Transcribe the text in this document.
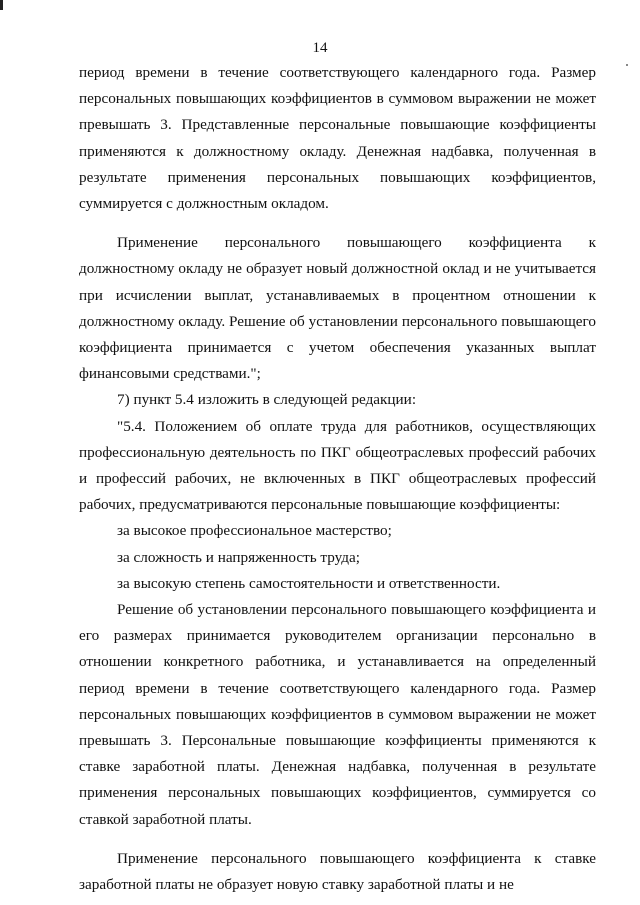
14

период времени в течение соответствующего календарного года. Размер персональных повышающих коэффициентов в суммовом выражении не может превышать 3. Представленные персональные повышающие коэффициенты применяются к должностному окладу. Денежная надбавка, полученная в результате применения персональных повышающих коэффициентов, суммируется с должностным окладом.

Применение персонального повышающего коэффициента к должностному окладу не образует новый должностной оклад и не учитывается при исчислении выплат, устанавливаемых в процентном отношении к должностному окладу. Решение об установлении персонального повышающего коэффициента принимается с учетом обеспечения указанных выплат финансовыми средствами.";

7) пункт 5.4 изложить в следующей редакции:

"5.4. Положением об оплате труда для работников, осуществляющих профессиональную деятельность по ПКГ общеотраслевых профессий рабочих и профессий рабочих, не включенных в ПКГ общеотраслевых профессий рабочих, предусматриваются персональные повышающие коэффициенты:

за высокое профессиональное мастерство;

за сложность и напряженность труда;

за высокую степень самостоятельности и ответственности.

Решение об установлении персонального повышающего коэффициента и его размерах принимается руководителем организации персонально в отношении конкретного работника, и устанавливается на определенный период времени в течение соответствующего календарного года. Размер персональных повышающих коэффициентов в суммовом выражении не может превышать 3. Персональные повышающие коэффициенты применяются к ставке заработной платы. Денежная надбавка, полученная в результате применения персональных повышающих коэффициентов, суммируется со ставкой заработной платы.

Применение персонального повышающего коэффициента к ставке заработной платы не образует новую ставку заработной платы и не
